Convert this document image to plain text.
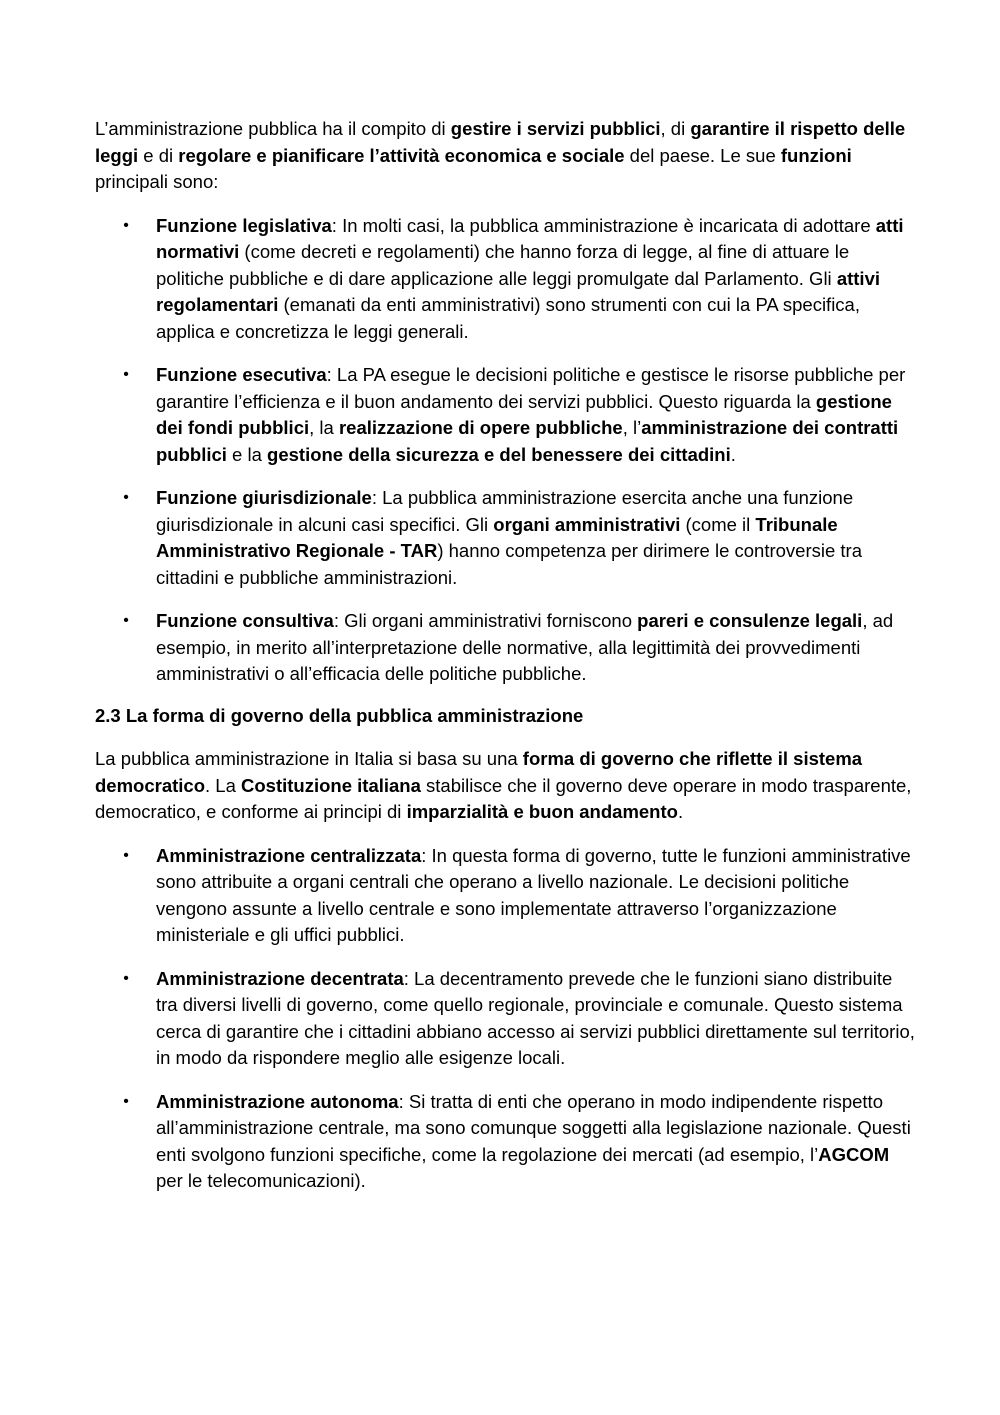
L’amministrazione pubblica ha il compito di gestire i servizi pubblici, di garantire il rispetto delle leggi e di regolare e pianificare l’attività economica e sociale del paese. Le sue funzioni principali sono:

• Funzione legislativa: In molti casi, la pubblica amministrazione è incaricata di adottare atti normativi (come decreti e regolamenti) che hanno forza di legge, al fine di attuare le politiche pubbliche e di dare applicazione alle leggi promulgate dal Parlamento. Gli attivi regolamentari (emanati da enti amministrativi) sono strumenti con cui la PA specifica, applica e concretizza le leggi generali.
• Funzione esecutiva: La PA esegue le decisioni politiche e gestisce le risorse pubbliche per garantire l’efficienza e il buon andamento dei servizi pubblici. Questo riguarda la gestione dei fondi pubblici, la realizzazione di opere pubbliche, l’amministrazione dei contratti pubblici e la gestione della sicurezza e del benessere dei cittadini.
• Funzione giurisdizionale: La pubblica amministrazione esercita anche una funzione giurisdizionale in alcuni casi specifici. Gli organi amministrativi (come il Tribunale Amministrativo Regionale - TAR) hanno competenza per dirimere le controversie tra cittadini e pubbliche amministrazioni.
• Funzione consultiva: Gli organi amministrativi forniscono pareri e consulenze legali, ad esempio, in merito all’interpretazione delle normative, alla legittimità dei provvedimenti amministrativi o all’efficacia delle politiche pubbliche.
2.3 La forma di governo della pubblica amministrazione

La pubblica amministrazione in Italia si basa su una forma di governo che riflette il sistema democratico. La Costituzione italiana stabilisce che il governo deve operare in modo trasparente, democratico, e conforme ai principi di imparzialità e buon andamento.

• Amministrazione centralizzata: In questa forma di governo, tutte le funzioni amministrative sono attribuite a organi centrali che operano a livello nazionale. Le decisioni politiche vengono assunte a livello centrale e sono implementate attraverso l’organizzazione ministeriale e gli uffici pubblici.
• Amministrazione decentrata: La decentramento prevede che le funzioni siano distribuite tra diversi livelli di governo, come quello regionale, provinciale e comunale. Questo sistema cerca di garantire che i cittadini abbiano accesso ai servizi pubblici direttamente sul territorio, in modo da rispondere meglio alle esigenze locali.
• Amministrazione autonoma: Si tratta di enti che operano in modo indipendente rispetto all’amministrazione centrale, ma sono comunque soggetti alla legislazione nazionale. Questi enti svolgono funzioni specifiche, come la regolazione dei mercati (ad esempio, l’AGCOM per le telecomunicazioni).
